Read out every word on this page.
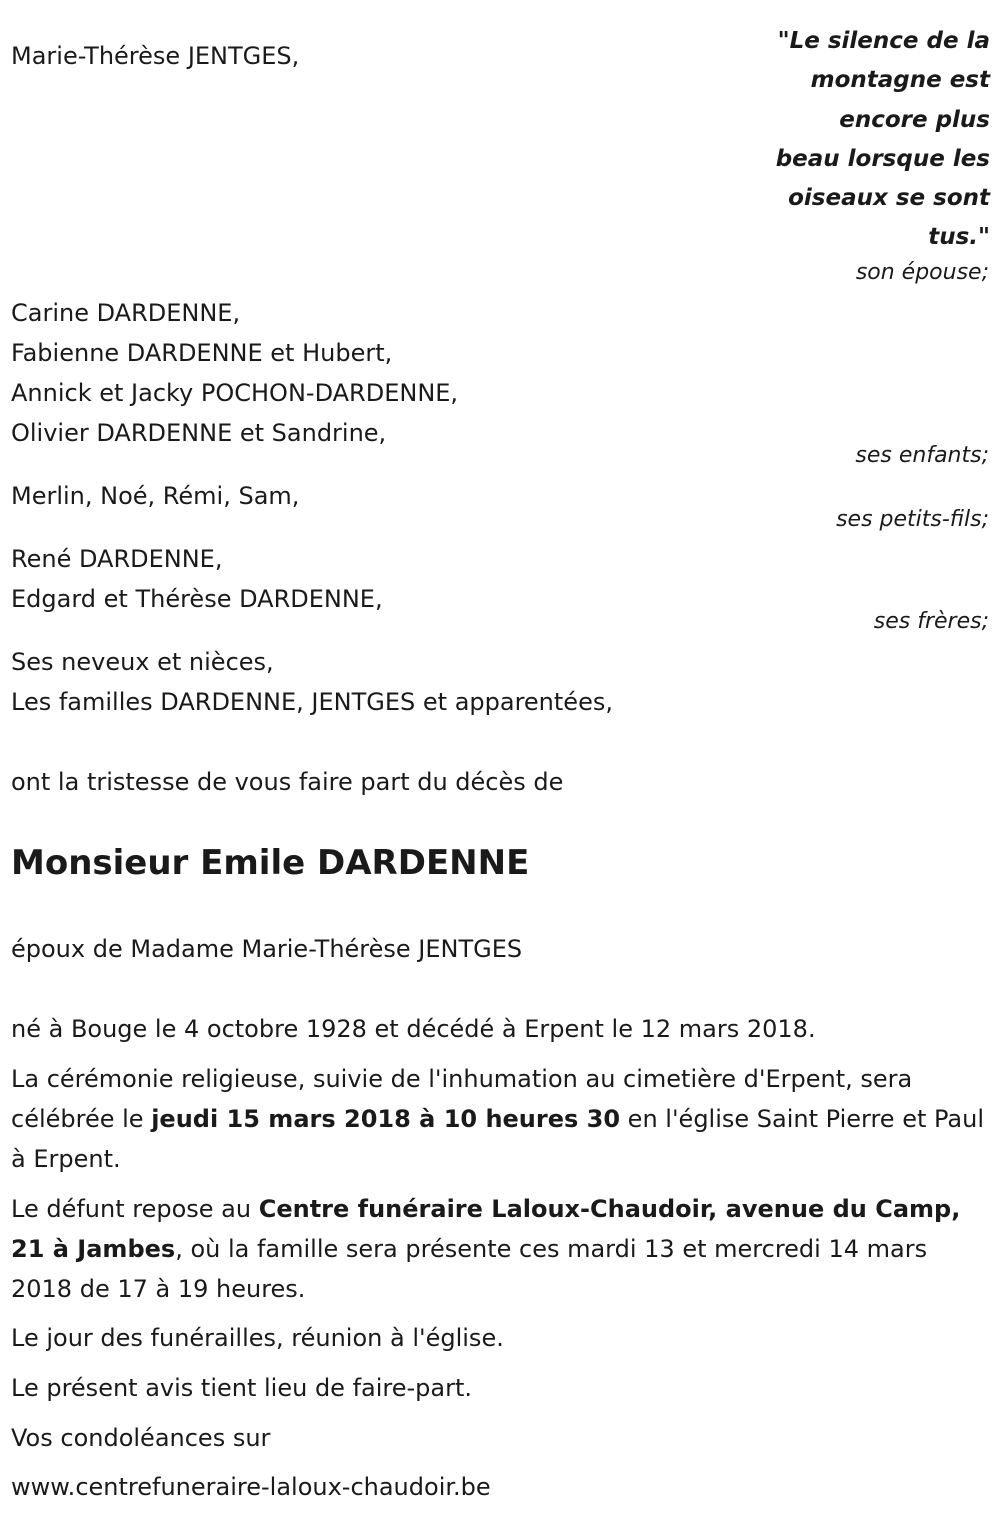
Marie-Thérèse JENTGES,
"Le silence de la
montagne est
encore plus
beau lorsque les
oiseaux se sont
tus."
son épouse;
Carine DARDENNE,
Fabienne DARDENNE et Hubert,
Annick et Jacky POCHON-DARDENNE,
Olivier DARDENNE et Sandrine,
ses enfants;
Merlin, Noé, Rémi, Sam,
ses petits-fils;
René DARDENNE,
Edgard et Thérèse DARDENNE,
ses frères;
Ses neveux et nièces,
Les familles DARDENNE, JENTGES et apparentées,
ont la tristesse de vous faire part du décès de
Monsieur Emile DARDENNE
époux de Madame Marie-Thérèse JENTGES
né à Bouge le 4 octobre 1928 et décédé à Erpent le 12 mars 2018.
La cérémonie religieuse, suivie de l'inhumation au cimetière d'Erpent, sera célébrée le jeudi 15 mars 2018 à 10 heures 30 en l'église Saint Pierre et Paul à Erpent.
Le défunt repose au Centre funéraire Laloux-Chaudoir, avenue du Camp, 21 à Jambes, où la famille sera présente ces mardi 13 et mercredi 14 mars 2018 de 17 à 19 heures.
Le jour des funérailles, réunion à l'église.
Le présent avis tient lieu de faire-part.
Vos condoléances sur
www.centrefuneraire-laloux-chaudoir.be
